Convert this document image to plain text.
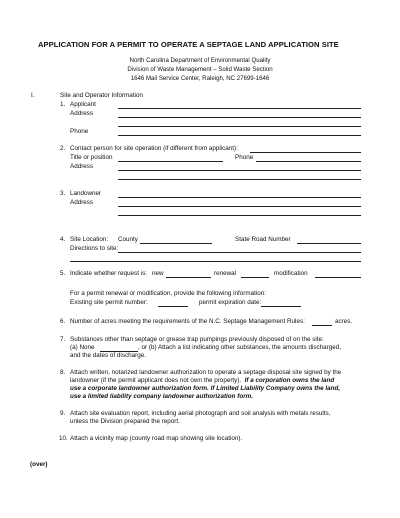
APPLICATION FOR A PERMIT TO OPERATE A SEPTAGE LAND APPLICATION SITE
North Carolina Department of Environmental Quality
Division of Waste Management – Solid Waste Section
1646 Mail Service Center, Raleigh, NC 27699-1646
I.	Site and Operator Information
1. Applicant
Address
Phone
2. Contact person for site operation (if different from applicant):
Title or position	Phone
Address
3. Landowner
Address
4. Site Location: County	State Road Number
Directions to site:
5. Indicate whether request is: new	renewal	modification
For a permit renewal or modification, provide the following information:
Existing site permit number:	permit expiration date:
6. Number of acres meeting the requirements of the N.C. Septage Management Rules:	acres.
7. Substances other than septage or grease trap pumpings previously disposed of on the site:
(a) None	, or (b) Attach a list indicating other substances, the amounts discharged,
and the dates of discharge.
8. Attach written, notarized landowner authorization to operate a septage disposal site signed by the
landowner (if the permit applicant does not own the property). If a corporation owns the land
use a corporate landowner authorization form. If Limited Liability Company owns the land,
use a limited liability company landowner authorization form.
9. Attach site evaluation report, including aerial photograph and soil analysis with metals results,
unless the Division prepared the report.
10. Attach a vicinity map (county road map showing site location).
(over)
